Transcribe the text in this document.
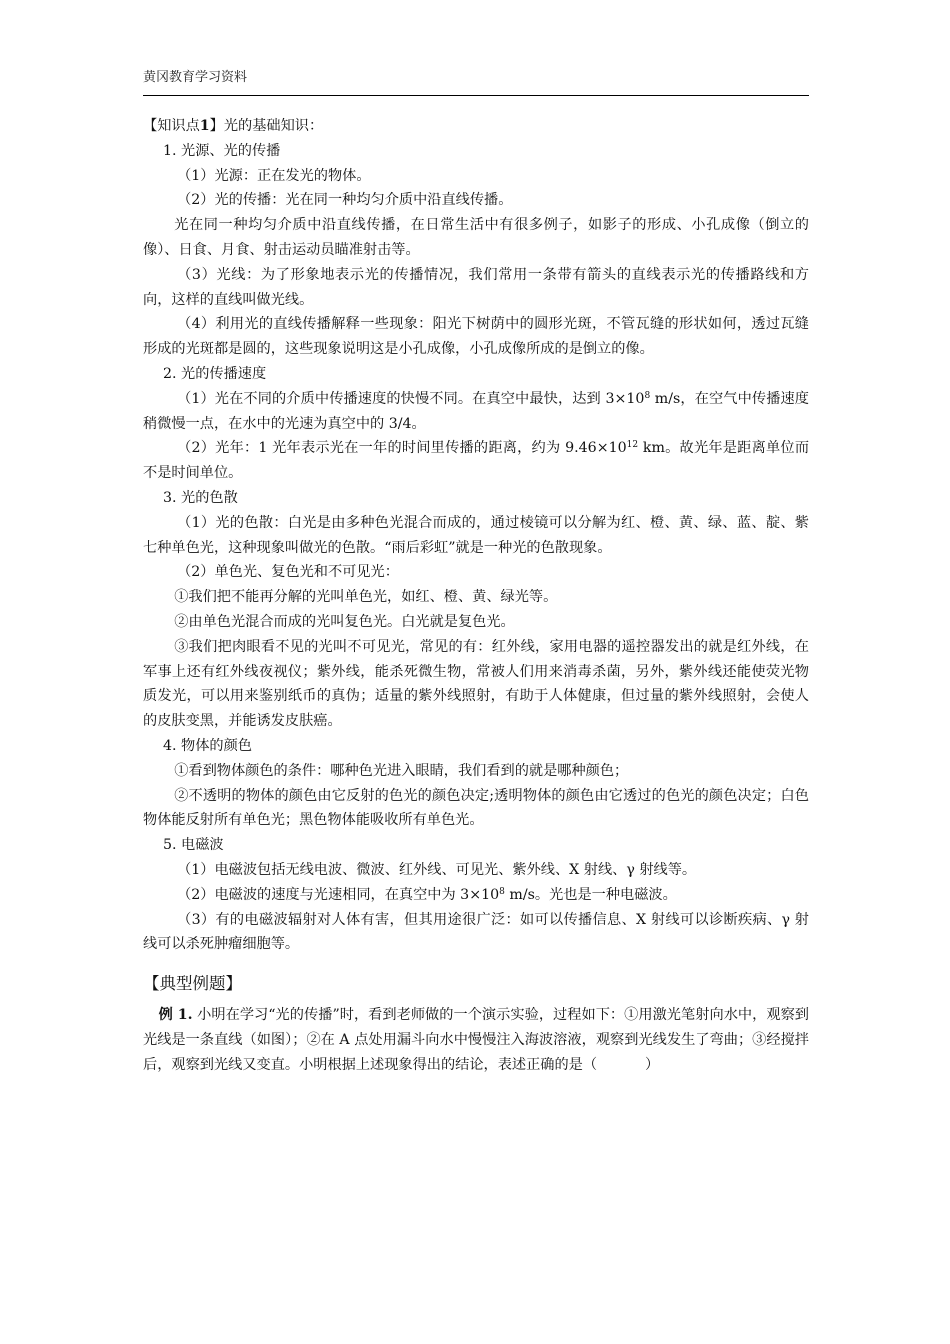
黄冈教育学习资料

【知识点1】光的基础知识：

1. 光源、光的传播

（1）光源：正在发光的物体。

（2）光的传播：光在同一种均匀介质中沿直线传播。

光在同一种均匀介质中沿直线传播，在日常生活中有很多例子，如影子的形成、小孔成像（倒立的像）、日食、月食、射击运动员瞄准射击等。

（3）光线：为了形象地表示光的传播情况，我们常用一条带有箭头的直线表示光的传播路线和方向，这样的直线叫做光线。

（4）利用光的直线传播解释一些现象：阳光下树荫中的圆形光斑，不管瓦缝的形状如何，透过瓦缝形成的光斑都是圆的，这些现象说明这是小孔成像，小孔成像所成的是倒立的像。

2. 光的传播速度

（1）光在不同的介质中传播速度的快慢不同。在真空中最快，达到 $3\times 10^8$ m/s，在空气中传播速度稍微慢一点，在水中的光速为真空中的 3/4。

（2）光年：1 光年表示光在一年的时间里传播的距离，约为 $9.46\times 10^{12}$ km。故光年是距离单位而不是时间单位。

3. 光的色散

（1）光的色散：白光是由多种色光混合而成的，通过棱镜可以分解为红、橙、黄、绿、蓝、靛、紫七种单色光，这种现象叫做光的色散。“雨后彩虹”就是一种光的色散现象。

（2）单色光、复色光和不可见光：

①我们把不能再分解的光叫单色光，如红、橙、黄、绿光等。

②由单色光混合而成的光叫复色光。白光就是复色光。

③我们把肉眼看不见的光叫不可见光，常见的有：红外线，家用电器的遥控器发出的就是红外线，在军事上还有红外线夜视仪；紫外线，能杀死微生物，常被人们用来消毒杀菌，另外，紫外线还能使荧光物质发光，可以用来鉴别纸币的真伪；适量的紫外线照射，有助于人体健康，但过量的紫外线照射，会使人的皮肤变黑，并能诱发皮肤癌。

4. 物体的颜色

①看到物体颜色的条件：哪种色光进入眼睛，我们看到的就是哪种颜色；

②不透明的物体的颜色由它反射的色光的颜色决定;透明物体的颜色由它透过的色光的颜色决定；白色物体能反射所有单色光；黑色物体能吸收所有单色光。

5. 电磁波

（1）电磁波包括无线电波、微波、红外线、可见光、紫外线、X 射线、γ 射线等。

（2）电磁波的速度与光速相同，在真空中为 $3\times 10^8$ m/s。光也是一种电磁波。

（3）有的电磁波辐射对人体有害，但其用途很广泛：如可以传播信息、X 射线可以诊断疾病、γ 射线可以杀死肿瘤细胞等。

【典型例题】

例 1. 小明在学习“光的传播”时，看到老师做的一个演示实验，过程如下：①用激光笔射向水中，观察到光线是一条直线（如图）；②在 A 点处用漏斗向水中慢慢注入海波溶液，观察到光线发生了弯曲；③经搅拌后，观察到光线又变直。小明根据上述现象得出的结论，表述正确的是（	）
